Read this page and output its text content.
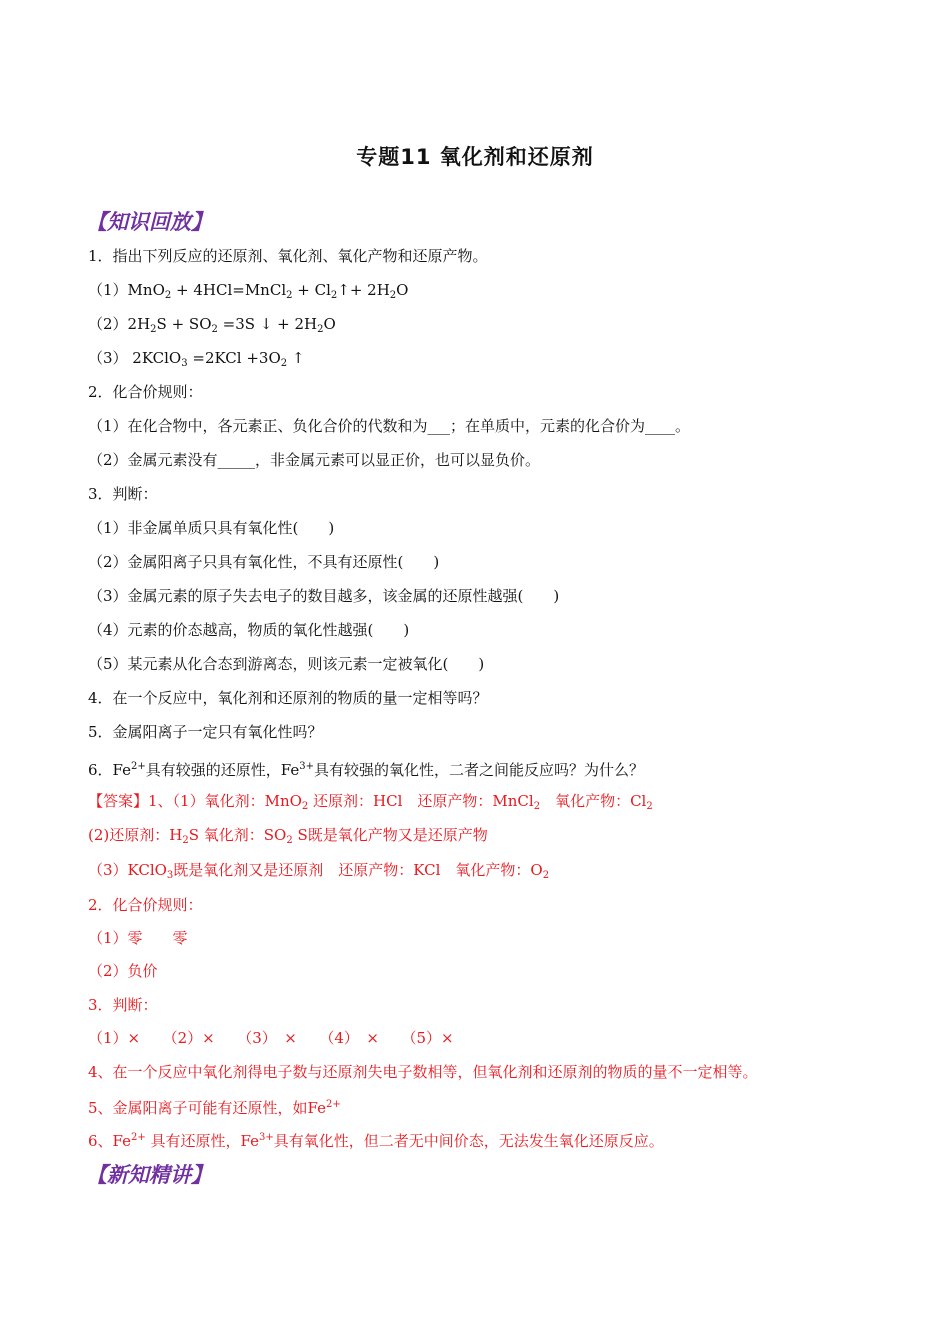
专题11 氧化剂和还原剂
【知识回放】
1．指出下列反应的还原剂、氧化剂、氧化产物和还原产物。
（1）MnO$_2$ + 4HCl=MnCl$_2$ + $Cl_2↑+ 2H_2O$
$(2)2H_2S + SO_2 =3S$ ↓ + $2H_2O$
（3） 2KClO$_3$ $=2KCl +3O_2$ ↑
2．化合价规则：
（1）在化合物中，各元素正、负化合价的代数和为___；在单质中，元素的化合价为____。
（2）金属元素没有_____，非金属元素可以显正价，也可以显负价。
3．判断：
（1）非金属单质只具有氧化性(　　)
（2）金属阳离子只具有氧化性，不具有还原性(　　)
（3）金属元素的原子失去电子的数目越多，该金属的还原性越强(　　)
（4）元素的价态越高，物质的氧化性越强(　　)
（5）某元素从化合态到游离态，则该元素一定被氧化(　　)
4．在一个反应中，氧化剂和还原剂的物质的量一定相等吗？
5．金属阳离子一定只有氧化性吗？
6．$Fe^{2+}$具有较强的还原性，$Fe^{3+}$具有较强的氧化性，二者之间能反应吗？为什么？
【答案】1、（1）氧化剂：MnO$_2$ 还原剂：HCl　还原产物：MnCl$_2$　氧化产物：$Cl_2$
(2)还原剂：$H_2S$ 氧化剂：$SO_2$ S既是氧化产物又是还原产物
（3）KClO$_3$既是氧化剂又是还原剂　还原产物：KCl　氧化产物：$O_2$
2．化合价规则：
（1）零　　零
（2）负价
3．判断：
（1）×　　（2）×　　（3）　×　　（4）　×　　（5）×
4、在一个反应中氧化剂得电子数与还原剂失电子数相等，但氧化剂和还原剂的物质的量不一定相等。
5、金属阳离子可能有还原性，如$Fe^{2+}$
6、$Fe^{2+}$ 具有还原性，$Fe^{3+}$具有氧化性，但二者无中间价态，无法发生氧化还原反应。
【新知精讲】
